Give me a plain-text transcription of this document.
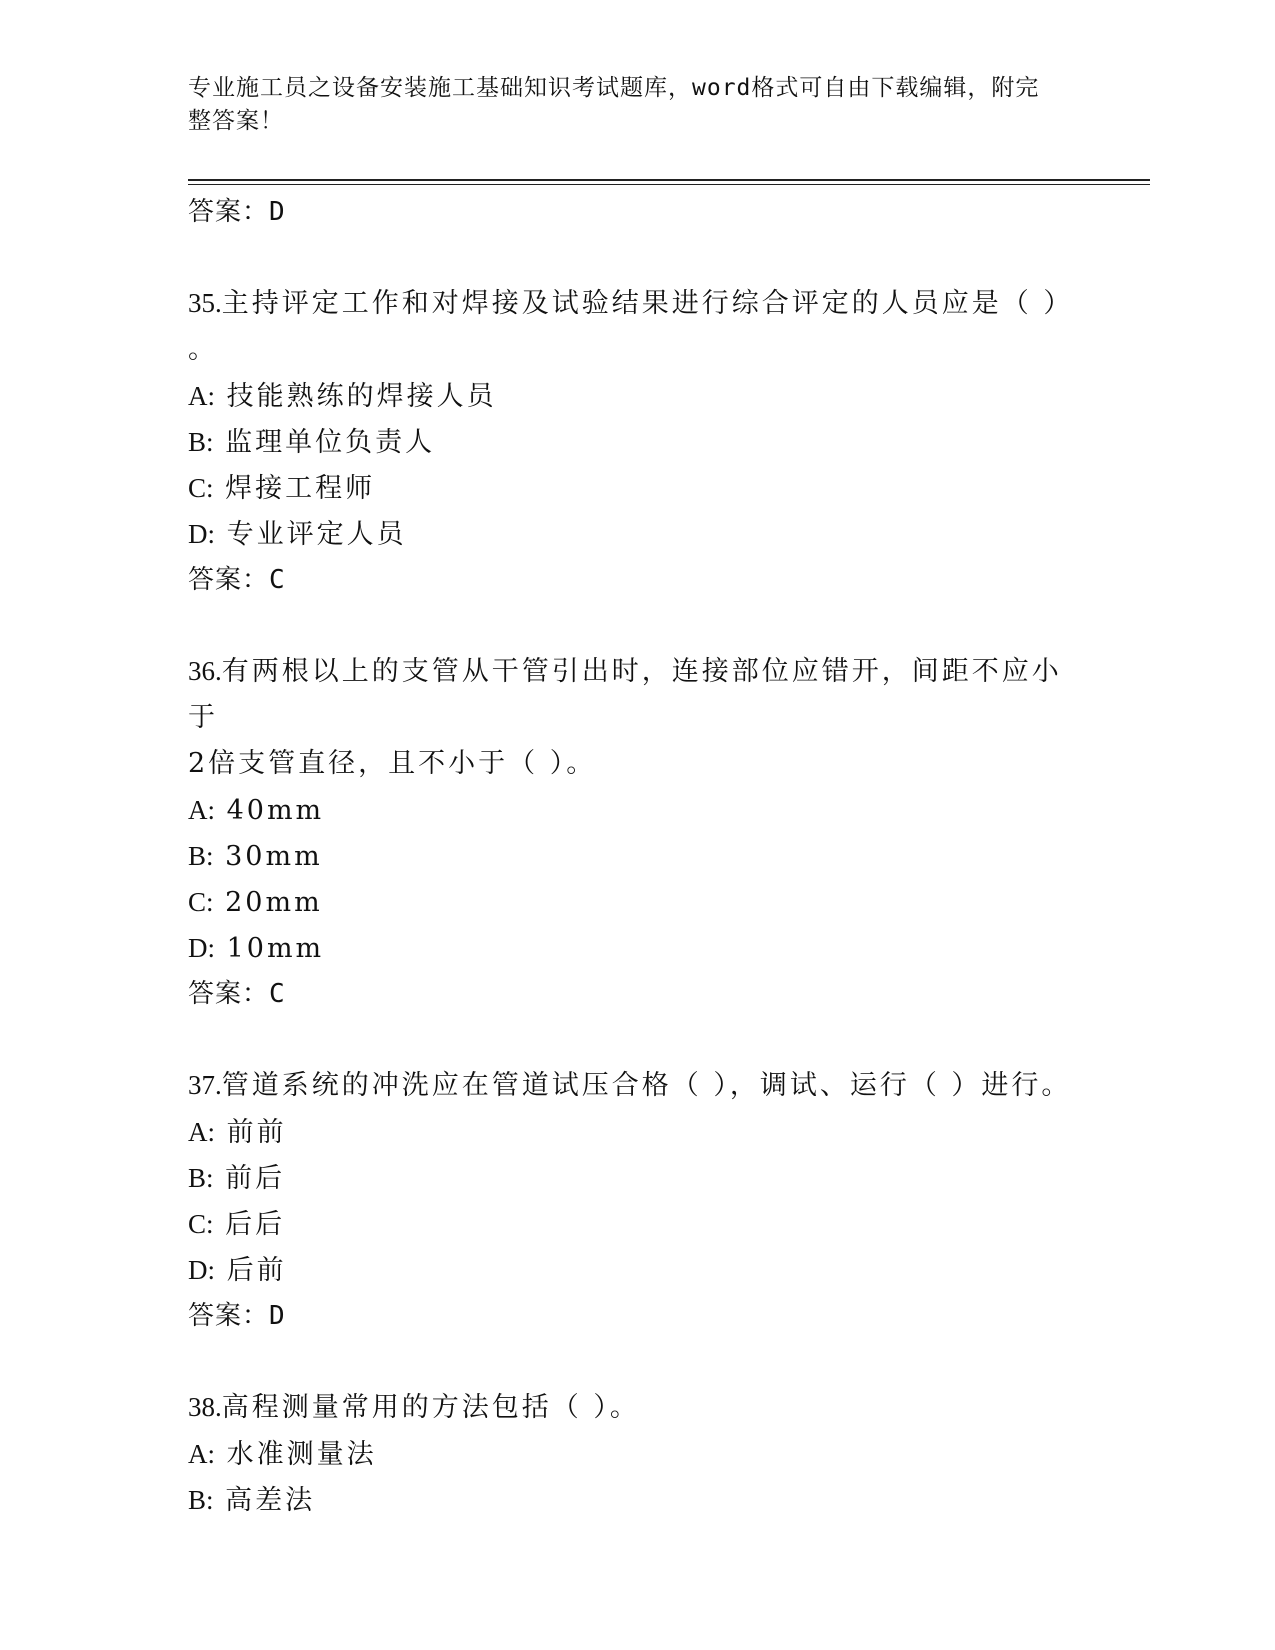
专业施工员之设备安装施工基础知识考试题库，word格式可自由下载编辑，附完
整答案！
答案：D
35.主持评定工作和对焊接及试验结果进行综合评定的人员应是（ ）
。
A: 技能熟练的焊接人员
B: 监理单位负责人
C: 焊接工程师
D: 专业评定人员
答案：C
36.有两根以上的支管从干管引出时，连接部位应错开，间距不应小于
2倍支管直径，且不小于（ ）。
A: 40mm
B: 30mm
C: 20mm
D: 10mm
答案：C
37.管道系统的冲洗应在管道试压合格（ ），调试、运行（ ）进行。
A: 前前
B: 前后
C: 后后
D: 后前
答案：D
38.高程测量常用的方法包括（ ）。
A: 水准测量法
B: 高差法
